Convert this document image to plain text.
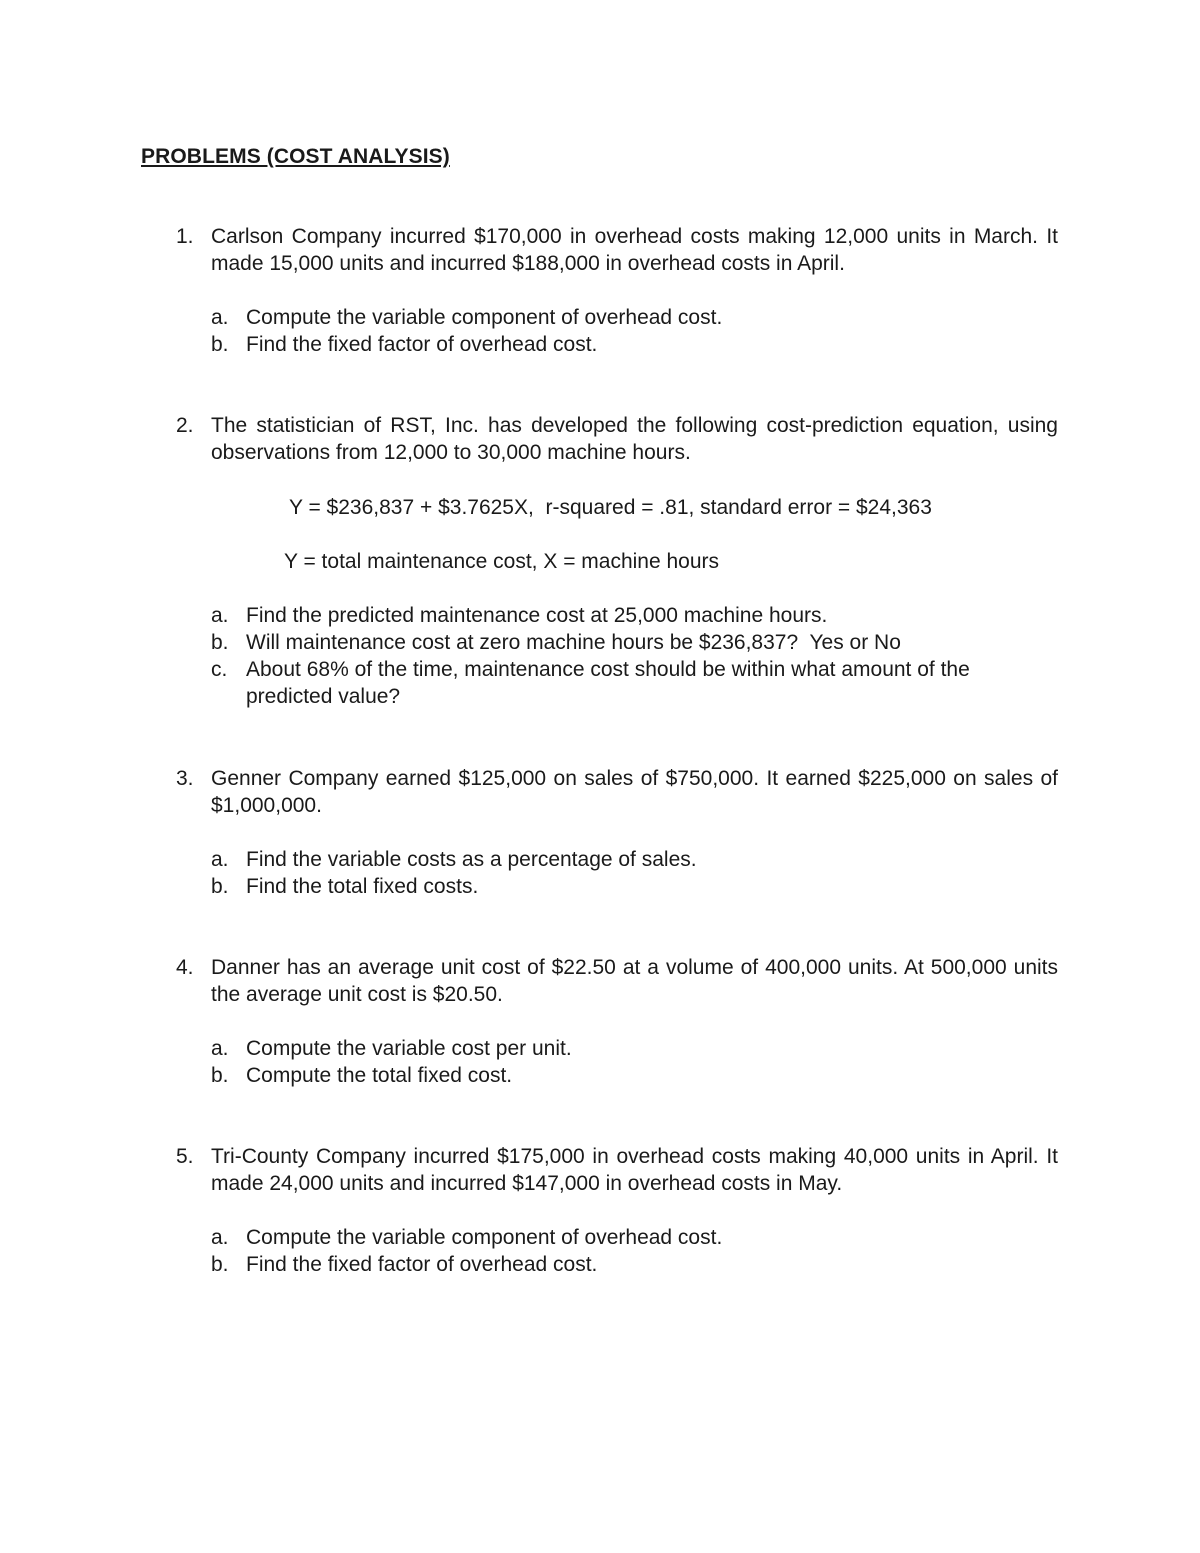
PROBLEMS (COST ANALYSIS)
1. Carlson Company incurred $170,000 in overhead costs making 12,000 units in March. It made 15,000 units and incurred $188,000 in overhead costs in April.
a. Compute the variable component of overhead cost.
b. Find the fixed factor of overhead cost.
2. The statistician of RST, Inc. has developed the following cost-prediction equation, using observations from 12,000 to 30,000 machine hours.
Y = $236,837 + $3.7625X,  r-squared = .81, standard error = $24,363
Y = total maintenance cost, X = machine hours
a. Find the predicted maintenance cost at 25,000 machine hours.
b. Will maintenance cost at zero machine hours be $236,837?  Yes or No
c. About 68% of the time, maintenance cost should be within what amount of the predicted value?
3. Genner Company earned $125,000 on sales of $750,000. It earned $225,000 on sales of $1,000,000.
a. Find the variable costs as a percentage of sales.
b. Find the total fixed costs.
4. Danner has an average unit cost of $22.50 at a volume of 400,000 units. At 500,000 units the average unit cost is $20.50.
a. Compute the variable cost per unit.
b. Compute the total fixed cost.
5. Tri-County Company incurred $175,000 in overhead costs making 40,000 units in April. It made 24,000 units and incurred $147,000 in overhead costs in May.
a. Compute the variable component of overhead cost.
b. Find the fixed factor of overhead cost.
